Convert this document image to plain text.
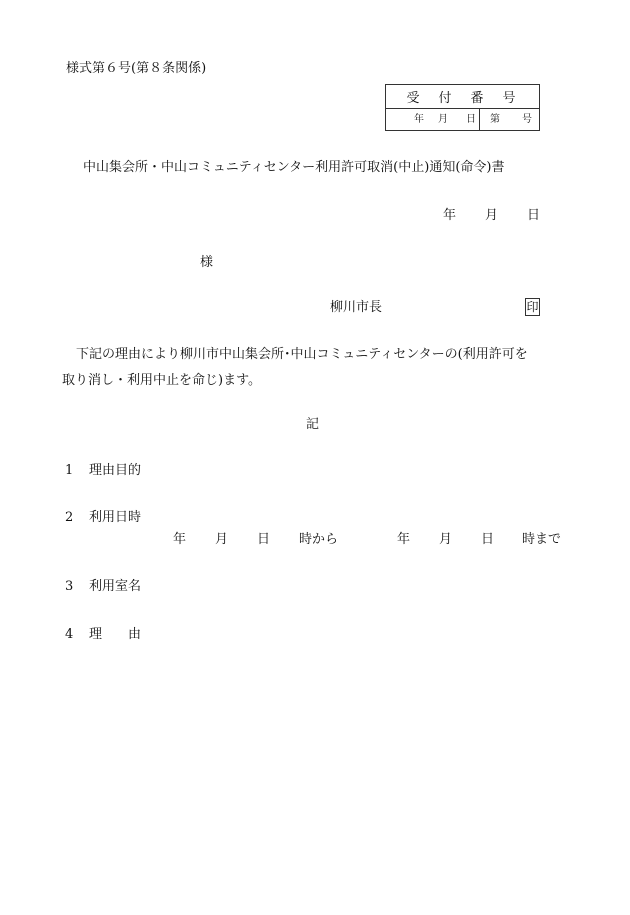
様式第６号(第８条関係)
受付番号
年 月 日 第 号
中山集会所・中山コミュニティセンター利用許可取消(中止)通知(命令)書
年 月 日
様
柳川市長	印
下記の理由により柳川市中山集会所･中山コミュニティセンターの(利用許可を
取り消し・利用中止を命じ)ます。
記
1 理由目的
2 利用日時
年 月 日 時から	年 月 日 時まで
3 利用室名
4 理　　由
